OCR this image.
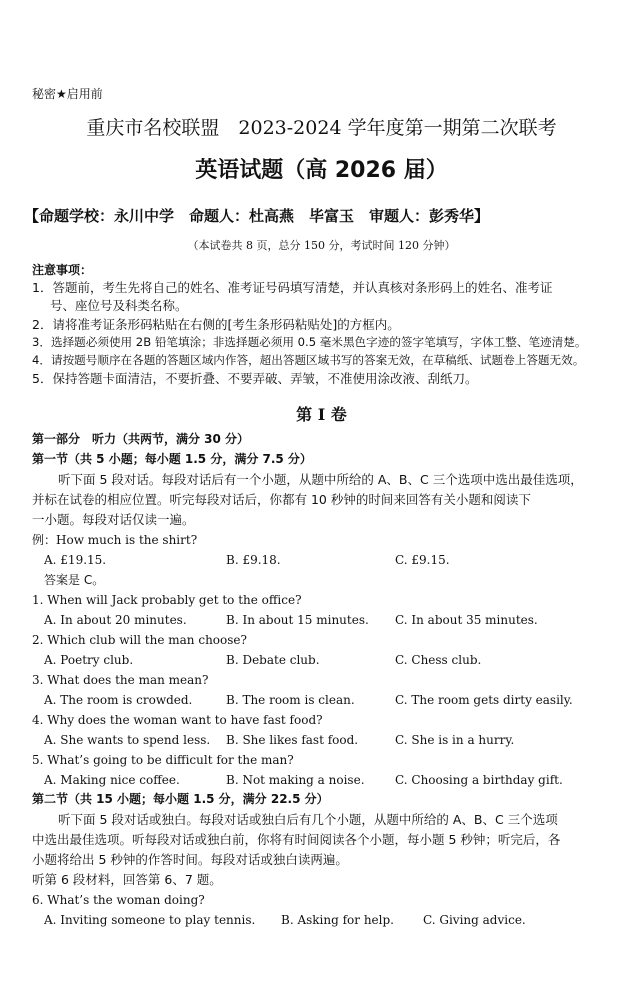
秘密★启用前
重庆市名校联盟　2023-2024 学年度第一期第二次联考
英语试题（高 2026 届）
【命题学校：永川中学　命题人：杜高燕　毕富玉　审题人：彭秀华】
（本试卷共 8 页，总分 150 分，考试时间 120 分钟）
注意事项：
1．答题前，考生先将自己的姓名、准考证号码填写清楚，并认真核对条形码上的姓名、准考证
号、座位号及科类名称。
2．请将准考证条形码粘贴在右侧的[考生条形码粘贴处]的方框内。
3．选择题必须使用 2B 铅笔填涂；非选择题必须用 0.5 毫米黑色字迹的签字笔填写，字体工整、笔迹清楚。
4．请按题号顺序在各题的答题区域内作答，超出答题区域书写的答案无效，在草稿纸、试题卷上答题无效。
5．保持答题卡面清洁，不要折叠、不要弄破、弄皱，不准使用涂改液、刮纸刀。
第 I 卷
第一部分　听力（共两节，满分 30 分）
第一节（共 5 小题；每小题 1.5 分，满分 7.5 分）
听下面 5 段对话。每段对话后有一个小题，从题中所给的 A、B、C 三个选项中选出最佳选项，
并标在试卷的相应位置。听完每段对话后，你都有 10 秒钟的时间来回答有关小题和阅读下
一小题。每段对话仅读一遍。
例：How much is the shirt?
A. £19.15.	B. £9.18.	C. £9.15.
答案是 C。
1. When will Jack probably get to the office?
A. In about 20 minutes.	B. In about 15 minutes. C. In about 35 minutes.
2. Which club will the man choose?
A. Poetry club.	B. Debate club.	C. Chess club.
3. What does the man mean?
A. The room is crowded.	B. The room is clean.	C. The room gets dirty easily.
4. Why does the woman want to have fast food?
A. She wants to spend less. B. She likes fast food.	C. She is in a hurry.
5. What’s going to be difficult for the man?
A. Making nice coffee.	B. Not making a noise.	C. Choosing a birthday gift.
第二节（共 15 小题；每小题 1.5 分，满分 22.5 分）
听下面 5 段对话或独白。每段对话或独白后有几个小题，从题中所给的 A、B、C 三个选项
中选出最佳选项。听每段对话或独白前，你将有时间阅读各个小题，每小题 5 秒钟；听完后，各
小题将给出 5 秒钟的作答时间。每段对话或独白读两遍。
听第 6 段材料，回答第 6、7 题。
6. What’s the woman doing?
A. Inviting someone to play tennis. B. Asking for help. C. Giving advice.
